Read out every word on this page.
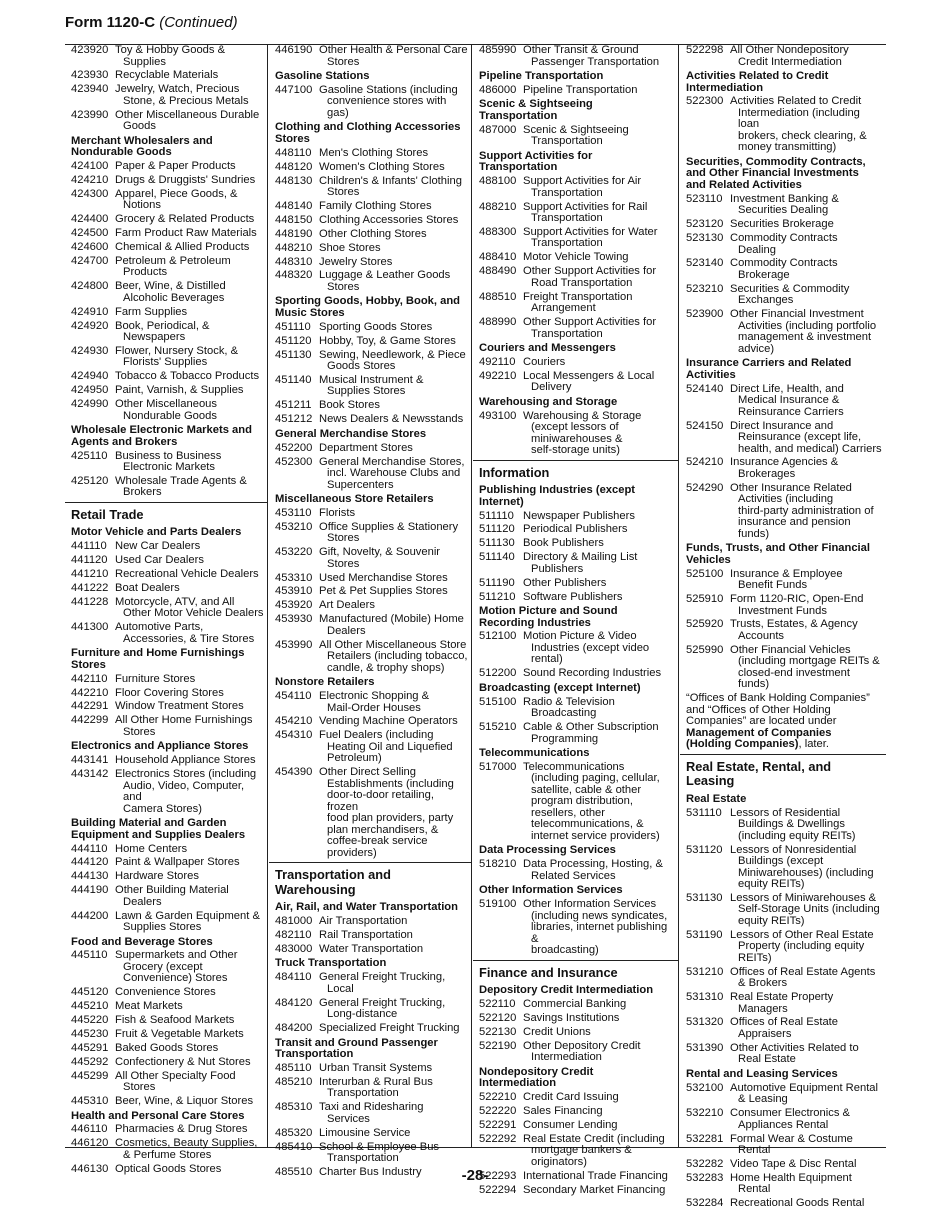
Form 1120-C (Continued)
423920 Toy & Hobby Goods &
Supplies
423930 Recyclable Materials
423940 Jewelry, Watch, Precious
Stone, & Precious Metals
423990 Other Miscellaneous Durable
Goods
Merchant Wholesalers and
Nondurable Goods
424100 Paper & Paper Products
424210 Drugs & Druggists' Sundries
424300 Apparel, Piece Goods, &
Notions
424400 Grocery & Related Products
424500 Farm Product Raw Materials
424600 Chemical & Allied Products
424700 Petroleum & Petroleum
Products
424800 Beer, Wine, & Distilled
Alcoholic Beverages
424910 Farm Supplies
424920 Book, Periodical, &
Newspapers
424930 Flower, Nursery Stock, &
Florists' Supplies
424940 Tobacco & Tobacco Products
424950 Paint, Varnish, & Supplies
424990 Other Miscellaneous
Nondurable Goods
Wholesale Electronic Markets and
Agents and Brokers
425110 Business to Business
Electronic Markets
425120 Wholesale Trade Agents &
Brokers
Retail Trade
Motor Vehicle and Parts Dealers
441110 New Car Dealers
441120 Used Car Dealers
441210 Recreational Vehicle Dealers
441222 Boat Dealers
441228 Motorcycle, ATV, and All
Other Motor Vehicle Dealers
441300 Automotive Parts,
Accessories, & Tire Stores
Furniture and Home Furnishings
Stores
442110 Furniture Stores
442210 Floor Covering Stores
442291 Window Treatment Stores
442299 All Other Home Furnishings
Stores
Electronics and Appliance Stores
443141 Household Appliance Stores
443142 Electronics Stores (including
Audio, Video, Computer, and
Camera Stores)
Building Material and Garden
Equipment and Supplies Dealers
444110 Home Centers
444120 Paint & Wallpaper Stores
444130 Hardware Stores
444190 Other Building Material
Dealers
444200 Lawn & Garden Equipment &
Supplies Stores
Food and Beverage Stores
445110 Supermarkets and Other
Grocery (except
Convenience) Stores
445120 Convenience Stores
445210 Meat Markets
445220 Fish & Seafood Markets
445230 Fruit & Vegetable Markets
445291 Baked Goods Stores
445292 Confectionery & Nut Stores
445299 All Other Specialty Food
Stores
445310 Beer, Wine, & Liquor Stores
Health and Personal Care Stores
446110 Pharmacies & Drug Stores
446120 Cosmetics, Beauty Supplies,
& Perfume Stores
446130 Optical Goods Stores
446190 Other Health & Personal Care
Stores
Gasoline Stations
447100 Gasoline Stations (including
convenience stores with gas)
Clothing and Clothing Accessories
Stores
448110 Men's Clothing Stores
448120 Women's Clothing Stores
448130 Children's & Infants' Clothing
Stores
448140 Family Clothing Stores
448150 Clothing Accessories Stores
448190 Other Clothing Stores
448210 Shoe Stores
448310 Jewelry Stores
448320 Luggage & Leather Goods
Stores
Sporting Goods, Hobby, Book, and
Music Stores
451110 Sporting Goods Stores
451120 Hobby, Toy, & Game Stores
451130 Sewing, Needlework, & Piece
Goods Stores
451140 Musical Instrument &
Supplies Stores
451211 Book Stores
451212 News Dealers & Newsstands
General Merchandise Stores
452200 Department Stores
452300 General Merchandise Stores,
incl. Warehouse Clubs and
Supercenters
Miscellaneous Store Retailers
453110 Florists
453210 Office Supplies & Stationery
Stores
453220 Gift, Novelty, & Souvenir
Stores
453310 Used Merchandise Stores
453910 Pet & Pet Supplies Stores
453920 Art Dealers
453930 Manufactured (Mobile) Home
Dealers
453990 All Other Miscellaneous Store
Retailers (including tobacco,
candle, & trophy shops)
Nonstore Retailers
454110 Electronic Shopping &
Mail-Order Houses
454210 Vending Machine Operators
454310 Fuel Dealers (including
Heating Oil and Liquefied
Petroleum)
454390 Other Direct Selling
Establishments (including
door-to-door retailing, frozen
food plan providers, party
plan merchandisers, &
coffee-break service
providers)
Transportation and
Warehousing
Air, Rail, and Water Transportation
481000 Air Transportation
482110 Rail Transportation
483000 Water Transportation
Truck Transportation
484110 General Freight Trucking,
Local
484120 General Freight Trucking,
Long-distance
484200 Specialized Freight Trucking
Transit and Ground Passenger
Transportation
485110 Urban Transit Systems
485210 Interurban & Rural Bus
Transportation
485310 Taxi and Ridesharing
Services
485320 Limousine Service
485410 School & Employee Bus
Transportation
485510 Charter Bus Industry
485990 Other Transit & Ground
Passenger Transportation
Pipeline Transportation
486000 Pipeline Transportation
Scenic & Sightseeing
Transportation
487000 Scenic & Sightseeing
Transportation
Support Activities for
Transportation
488100 Support Activities for Air
Transportation
488210 Support Activities for Rail
Transportation
488300 Support Activities for Water
Transportation
488410 Motor Vehicle Towing
488490 Other Support Activities for
Road Transportation
488510 Freight Transportation
Arrangement
488990 Other Support Activities for
Transportation
Couriers and Messengers
492110 Couriers
492210 Local Messengers & Local
Delivery
Warehousing and Storage
493100 Warehousing & Storage
(except lessors of
miniwarehouses &
self-storage units)
Information
Publishing Industries (except
Internet)
511110 Newspaper Publishers
511120 Periodical Publishers
511130 Book Publishers
511140 Directory & Mailing List
Publishers
511190 Other Publishers
511210 Software Publishers
Motion Picture and Sound
Recording Industries
512100 Motion Picture & Video
Industries (except video
rental)
512200 Sound Recording Industries
Broadcasting (except Internet)
515100 Radio & Television
Broadcasting
515210 Cable & Other Subscription
Programming
Telecommunications
517000 Telecommunications
(including paging, cellular,
satellite, cable & other
program distribution,
resellers, other
telecommunications, &
internet service providers)
Data Processing Services
518210 Data Processing, Hosting, &
Related Services
Other Information Services
519100 Other Information Services
(including news syndicates,
libraries, internet publishing &
broadcasting)
Finance and Insurance
Depository Credit Intermediation
522110 Commercial Banking
522120 Savings Institutions
522130 Credit Unions
522190 Other Depository Credit
Intermediation
Nondepository Credit
Intermediation
522210 Credit Card Issuing
522220 Sales Financing
522291 Consumer Lending
522292 Real Estate Credit (including
mortgage bankers &
originators)
522293 International Trade Financing
522294 Secondary Market Financing
522298 All Other Nondepository
Credit Intermediation
Activities Related to Credit
Intermediation
522300 Activities Related to Credit
Intermediation (including loan
brokers, check clearing, &
money transmitting)
Securities, Commodity Contracts,
and Other Financial Investments
and Related Activities
523110 Investment Banking &
Securities Dealing
523120 Securities Brokerage
523130 Commodity Contracts
Dealing
523140 Commodity Contracts
Brokerage
523210 Securities & Commodity
Exchanges
523900 Other Financial Investment
Activities (including portfolio
management & investment
advice)
Insurance Carriers and Related
Activities
524140 Direct Life, Health, and
Medical Insurance &
Reinsurance Carriers
524150 Direct Insurance and
Reinsurance (except life,
health, and medical) Carriers
524210 Insurance Agencies &
Brokerages
524290 Other Insurance Related
Activities (including
third-party administration of
insurance and pension funds)
Funds, Trusts, and Other Financial
Vehicles
525100 Insurance & Employee
Benefit Funds
525910 Form 1120-RIC, Open-End
Investment Funds
525920 Trusts, Estates, & Agency
Accounts
525990 Other Financial Vehicles
(including mortgage REITs &
closed-end investment funds)
“Offices of Bank Holding Companies”
and “Offices of Other Holding
Companies” are located under
Management of Companies
(Holding Companies), later.
Real Estate, Rental, and
Leasing
Real Estate
531110 Lessors of Residential
Buildings & Dwellings
(including equity REITs)
531120 Lessors of Nonresidential
Buildings (except
Miniwarehouses) (including
equity REITs)
531130 Lessors of Miniwarehouses &
Self-Storage Units (including
equity REITs)
531190 Lessors of Other Real Estate
Property (including equity
REITs)
531210 Offices of Real Estate Agents
& Brokers
531310 Real Estate Property
Managers
531320 Offices of Real Estate
Appraisers
531390 Other Activities Related to
Real Estate
Rental and Leasing Services
532100 Automotive Equipment Rental
& Leasing
532210 Consumer Electronics &
Appliances Rental
532281 Formal Wear & Costume
Rental
532282 Video Tape & Disc Rental
532283 Home Health Equipment
Rental
532284 Recreational Goods Rental
-28-
